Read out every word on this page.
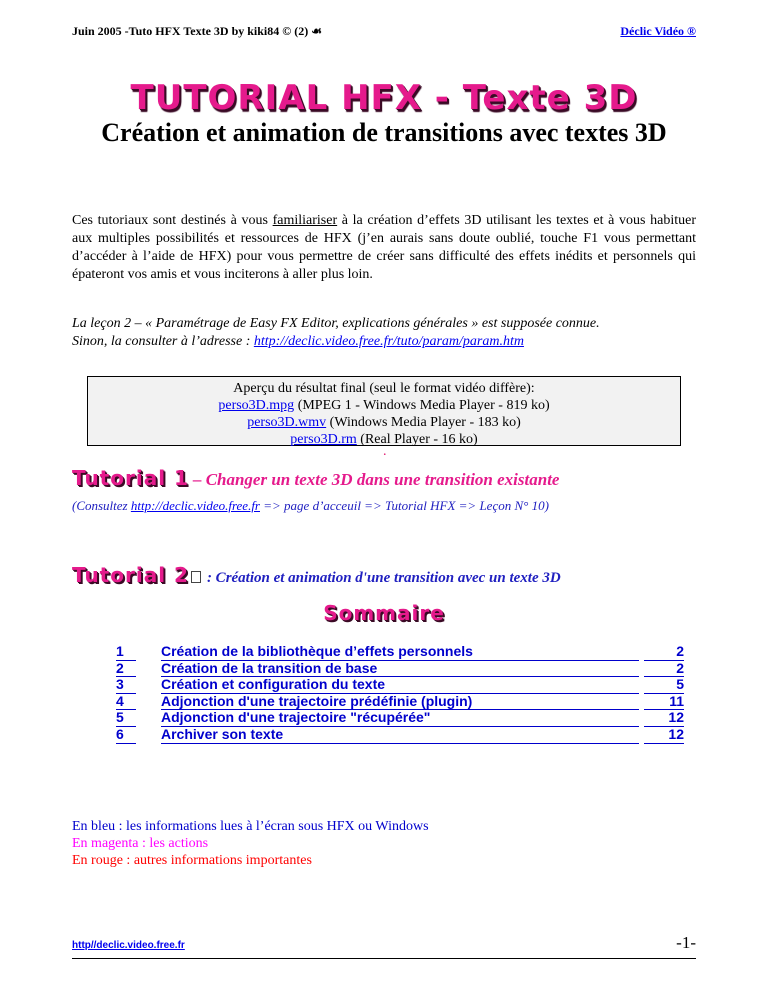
Juin 2005 -Tuto HFX Texte 3D by kiki84 © (2) ☙	Déclic Vidéo ®
TUTORIAL HFX - Texte 3D
Création et animation de transitions avec textes 3D
Ces tutoriaux sont destinés à vous familiariser à la création d’effets 3D utilisant les textes et à vous habituer aux multiples possibilités et ressources de HFX (j’en aurais sans doute oublié, touche F1 vous permettant d’accéder à l’aide de HFX) pour vous permettre de créer sans difficulté des effets inédits et personnels qui épateront vos amis et vous inciterons à aller plus loin.
La leçon 2 – « Paramétrage de Easy FX Editor, explications générales » est supposée connue.
Sinon, la consulter à l’adresse : http://declic.video.free.fr/tuto/param/param.htm
Aperçu du résultat final (seul le format vidéo diffère):
perso3D.mpg (MPEG 1 - Windows Media Player - 819 ko)
perso3D.wmv (Windows Media Player - 183 ko)
perso3D.rm (Real Player - 16 ko)
.
Tutorial 1 – Changer un texte 3D dans une transition existante
(Consultez http://declic.video.free.fr => page d’acceuil => Tutorial HFX => Leçon N° 10)
Tutorial 2 : Création et animation d'une transition avec un texte 3D
Sommaire
1	Création de la bibliothèque d’effets personnels	2
2	Création de la transition de base	2
3	Création et configuration du texte	5
4	Adjonction d'une trajectoire prédéfinie (plugin)	11
5	Adjonction d'une trajectoire "récupérée"	12
6	Archiver son texte	12
En bleu : les informations lues à l’écran sous HFX ou Windows
En magenta : les actions
En rouge : autres informations importantes
http//declic.video.free.fr	-1-
